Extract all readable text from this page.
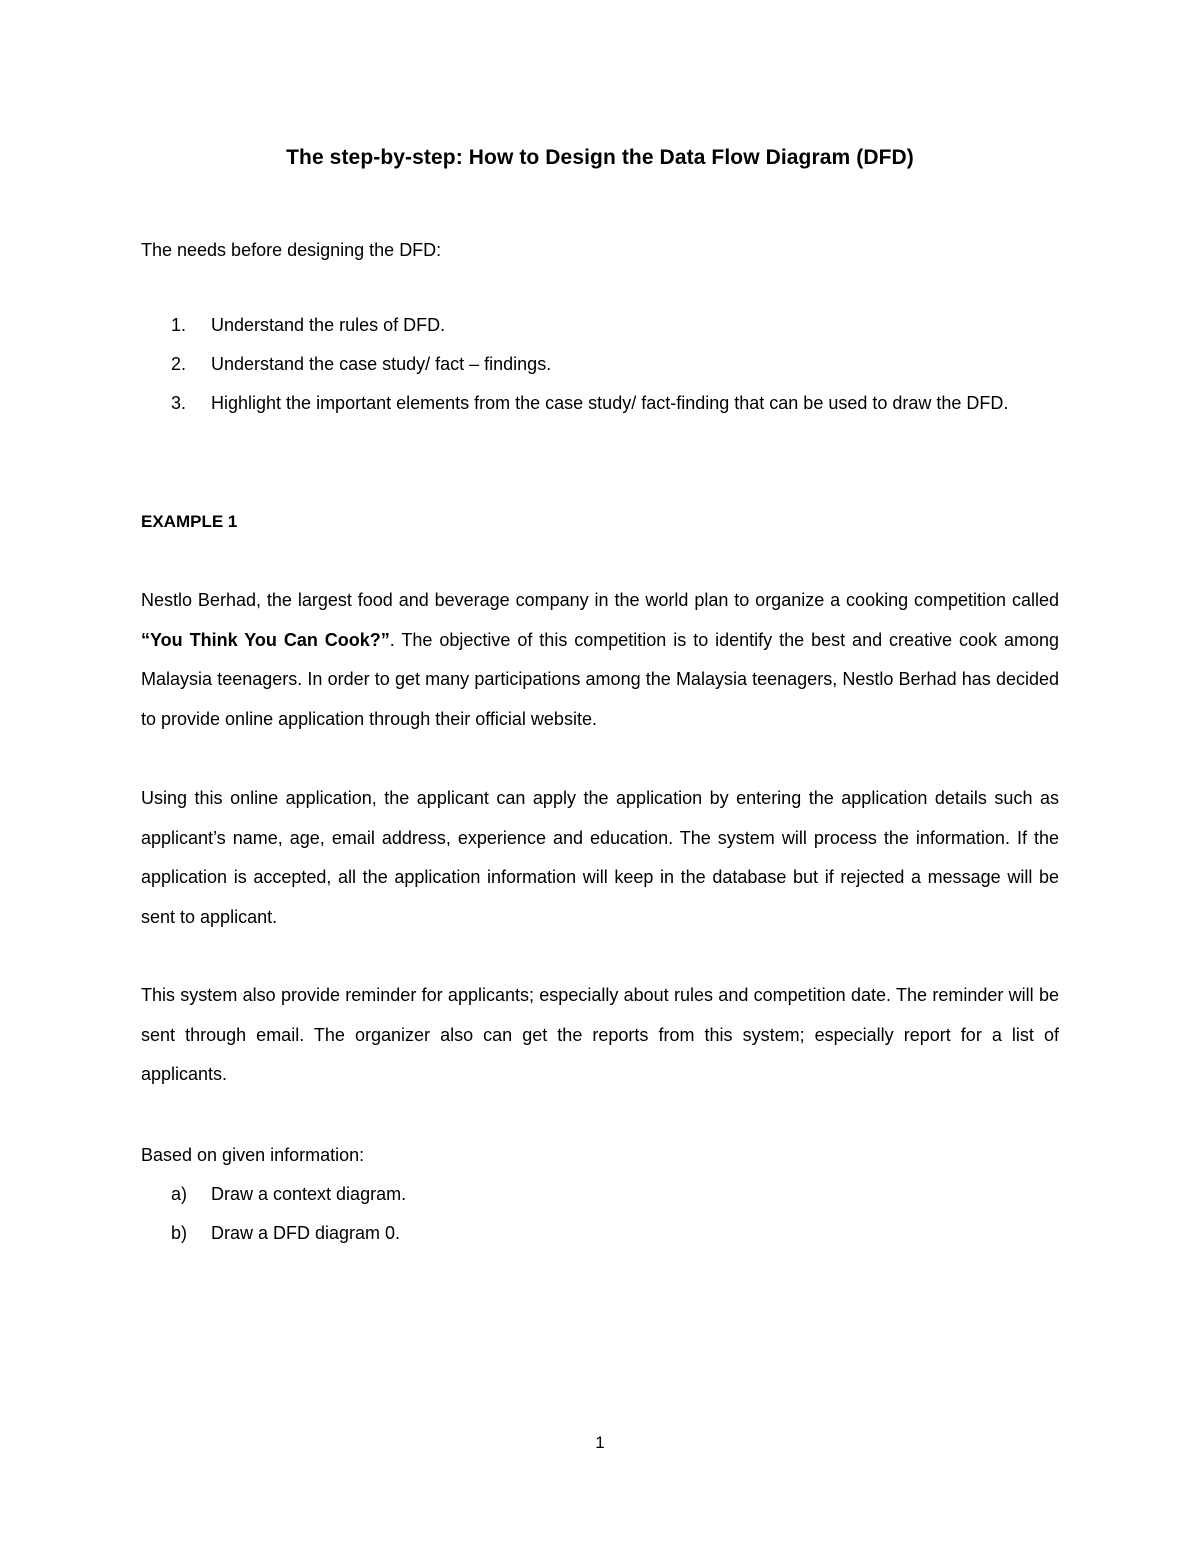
The step-by-step: How to Design the Data Flow Diagram (DFD)

The needs before designing the DFD:

1. Understand the rules of DFD.
2. Understand the case study/ fact – findings.
3. Highlight the important elements from the case study/ fact-finding that can be used to draw the DFD.

EXAMPLE 1

Nestlo Berhad, the largest food and beverage company in the world plan to organize a cooking competition called “You Think You Can Cook?”. The objective of this competition is to identify the best and creative cook among Malaysia teenagers. In order to get many participations among the Malaysia teenagers, Nestlo Berhad has decided to provide online application through their official website.

Using this online application, the applicant can apply the application by entering the application details such as applicant’s name, age, email address, experience and education. The system will process the information. If the application is accepted, all the application information will keep in the database but if rejected a message will be sent to applicant.

This system also provide reminder for applicants; especially about rules and competition date. The reminder will be sent through email. The organizer also can get the reports from this system; especially report for a list of applicants.

Based on given information:

a) Draw a context diagram.
b) Draw a DFD diagram 0.

1
